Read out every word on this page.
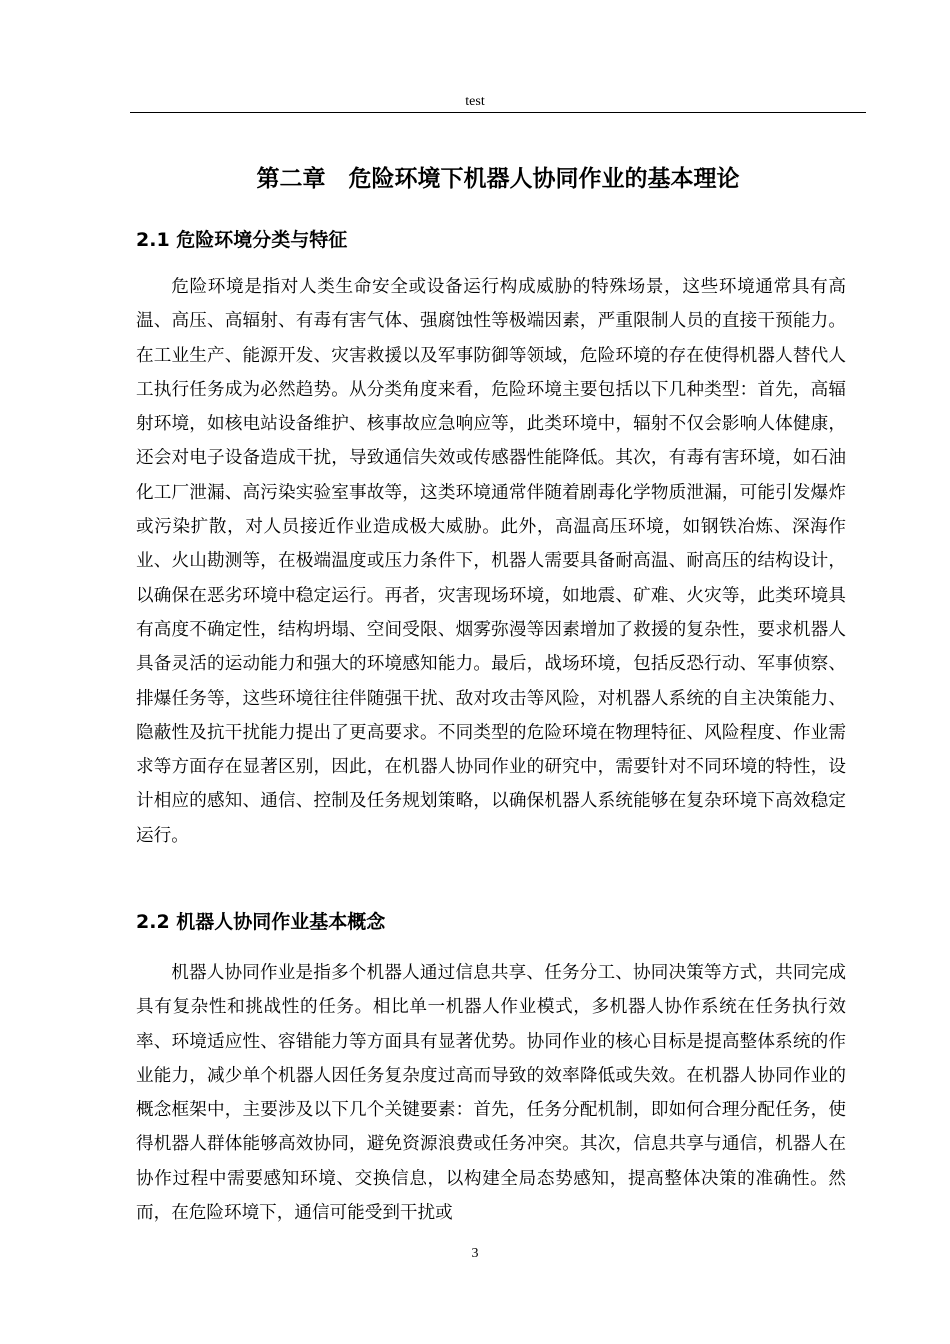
test
第二章　危险环境下机器人协同作业的基本理论
2.1 危险环境分类与特征

危险环境是指对人类生命安全或设备运行构成威胁的特殊场景，这些环境通常具有高温、高压、高辐射、有毒有害气体、强腐蚀性等极端因素，严重限制人员的直接干预能力。在工业生产、能源开发、灾害救援以及军事防御等领域，危险环境的存在使得机器人替代人工执行任务成为必然趋势。从分类角度来看，危险环境主要包括以下几种类型：首先，高辐射环境，如核电站设备维护、核事故应急响应等，此类环境中，辐射不仅会影响人体健康，还会对电子设备造成干扰，导致通信失效或传感器性能降低。其次，有毒有害环境，如石油化工厂泄漏、高污染实验室事故等，这类环境通常伴随着剧毒化学物质泄漏，可能引发爆炸或污染扩散，对人员接近作业造成极大威胁。此外，高温高压环境，如钢铁冶炼、深海作业、火山勘测等，在极端温度或压力条件下，机器人需要具备耐高温、耐高压的结构设计，以确保在恶劣环境中稳定运行。再者，灾害现场环境，如地震、矿难、火灾等，此类环境具有高度不确定性，结构坍塌、空间受限、烟雾弥漫等因素增加了救援的复杂性，要求机器人具备灵活的运动能力和强大的环境感知能力。最后，战场环境，包括反恐行动、军事侦察、排爆任务等，这些环境往往伴随强干扰、敌对攻击等风险，对机器人系统的自主决策能力、隐蔽性及抗干扰能力提出了更高要求。不同类型的危险环境在物理特征、风险程度、作业需求等方面存在显著区别，因此，在机器人协同作业的研究中，需要针对不同环境的特性，设计相应的感知、通信、控制及任务规划策略，以确保机器人系统能够在复杂环境下高效稳定运行。

2.2 机器人协同作业基本概念

机器人协同作业是指多个机器人通过信息共享、任务分工、协同决策等方式，共同完成具有复杂性和挑战性的任务。相比单一机器人作业模式，多机器人协作系统在任务执行效率、环境适应性、容错能力等方面具有显著优势。协同作业的核心目标是提高整体系统的作业能力，减少单个机器人因任务复杂度过高而导致的效率降低或失效。在机器人协同作业的概念框架中，主要涉及以下几个关键要素：首先，任务分配机制，即如何合理分配任务，使得机器人群体能够高效协同，避免资源浪费或任务冲突。其次，信息共享与通信，机器人在协作过程中需要感知环境、交换信息，以构建全局态势感知，提高整体决策的准确性。然而，在危险环境下，通信可能受到干扰或

3
